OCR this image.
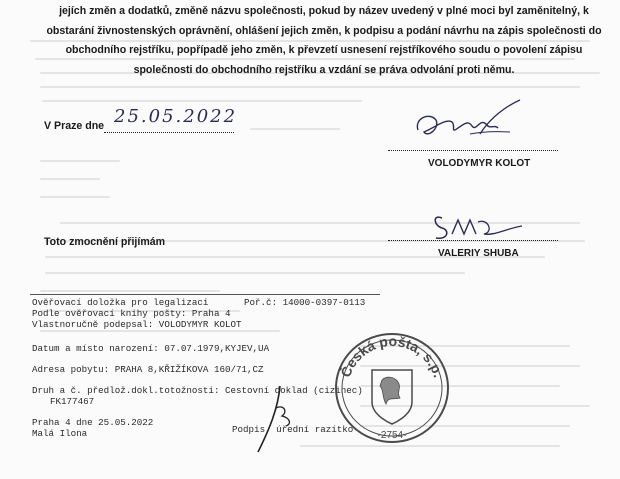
jejích změn a dodatků, změně názvu společnosti, pokud by název uvedený v plné moci byl zaměnitelný, k
obstarání živnostenských oprávnění, ohlášení jejich změn, k podpisu a podání návrhu na zápis společnosti do
obchodního rejstříku, popřípadě jeho změn, k převzetí usnesení rejstříkového soudu o povolení zápisu
společnosti do obchodního rejstříku a vzdání se práva odvolání proti němu.
V Praze dne 25.05.2022
VOLODYMYR KOLOT
Toto zmocnění přijímám
VALERIY SHUBA
Ověřovací doložka pro legalizaci
Podle ověřovací knihy pošty: Praha 4
Vlastnoručně podepsal: VOLODYMYR KOLOT
Poř.č: 14000-0397-0113
Datum a místo narození: 07.07.1979,KYJEV,UA
Adresa pobytu: PRAHA 8,KŘIŽÍKOVA 160/71,CZ
Druh a č. předlož.dokl.totožnosti: Cestovní doklad (cizinec)
FK177467
Praha 4 dne 25.05.2022
Malá Ilona	Podpis, úřední razítko
Česká pošta, s.p.
-2754-
